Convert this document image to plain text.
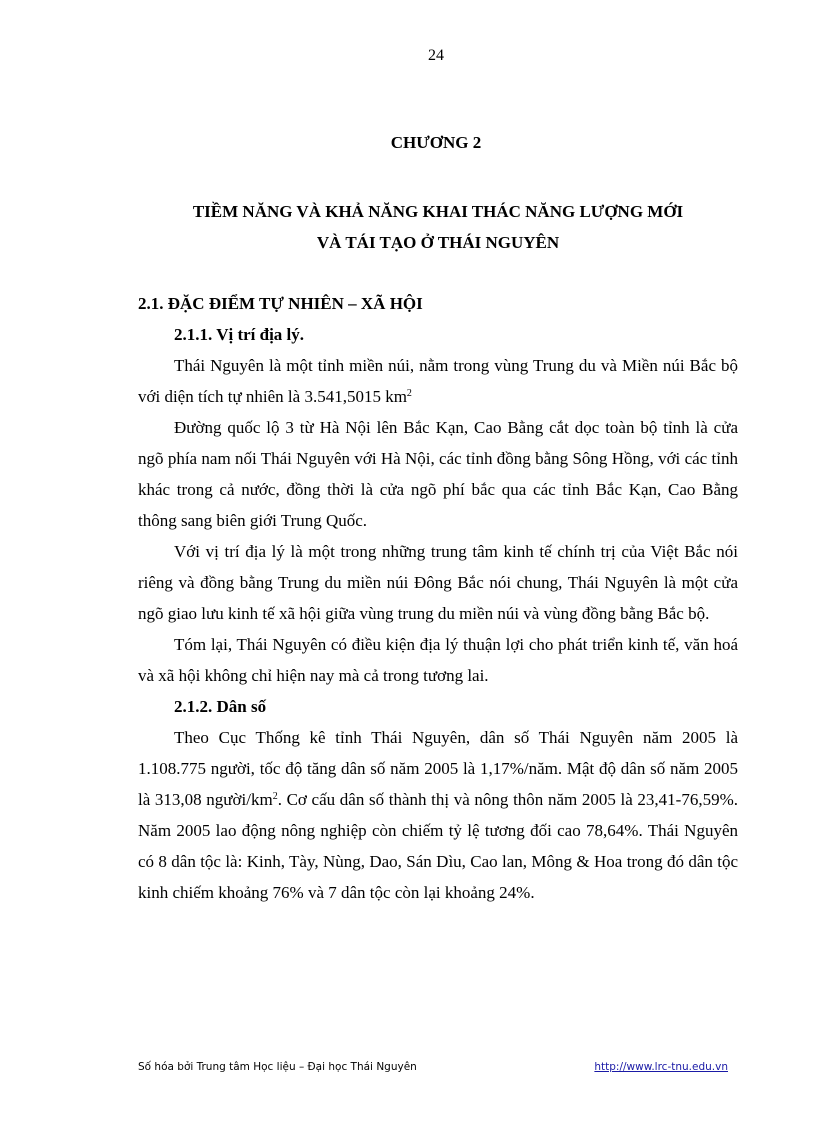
24
CHƯƠNG 2
TIỀM NĂNG VÀ KHẢ NĂNG KHAI THÁC NĂNG LƯỢNG MỚI
VÀ TÁI TẠO Ở THÁI NGUYÊN
2.1. ĐẶC ĐIỂM TỰ NHIÊN – XÃ HỘI
2.1.1. Vị trí địa lý.

Thái Nguyên là một tỉnh miền núi, nằm trong vùng Trung du và Miền núi Bắc bộ với diện tích tự nhiên là 3.541,5015 $km^2$

Đường quốc lộ 3 từ Hà Nội lên Bắc Kạn, Cao Bằng cắt dọc toàn bộ tỉnh là cửa ngõ phía nam nối Thái Nguyên với Hà Nội, các tỉnh đồng bằng Sông Hồng, với các tỉnh khác trong cả nước, đồng thời là cửa ngõ phí bắc qua các tỉnh Bắc Kạn, Cao Bằng thông sang biên giới Trung Quốc.

Với vị trí địa lý là một trong những trung tâm kinh tế chính trị của Việt Bắc nói riêng và đồng bằng Trung du miền núi Đông Bắc nói chung, Thái Nguyên là một cửa ngõ giao lưu kinh tế xã hội giữa vùng trung du miền núi và vùng đồng bằng Bắc bộ.

Tóm lại, Thái Nguyên có điều kiện địa lý thuận lợi cho phát triển kinh tế, văn hoá và xã hội không chỉ hiện nay mà cả trong tương lai.

2.1.2. Dân số

Theo Cục Thống kê tỉnh Thái Nguyên, dân số Thái Nguyên năm 2005 là 1.108.775 người, tốc độ tăng dân số năm 2005 là 1,17%/năm. Mật độ dân số năm 2005 là 313,08 người/$km^2$. Cơ cấu dân số thành thị và nông thôn năm 2005 là 23,41-76,59%. Năm 2005 lao động nông nghiệp còn chiếm tỷ lệ tương đối cao 78,64%. Thái Nguyên có 8 dân tộc là: Kinh, Tày, Nùng, Dao, Sán Dìu, Cao lan, Mông & Hoa trong đó dân tộc kinh chiếm khoảng 76% và 7 dân tộc còn lại khoảng 24%.

Số hóa bởi Trung tâm Học liệu – Đại học Thái Nguyên	http://www.lrc-tnu.edu.vn
